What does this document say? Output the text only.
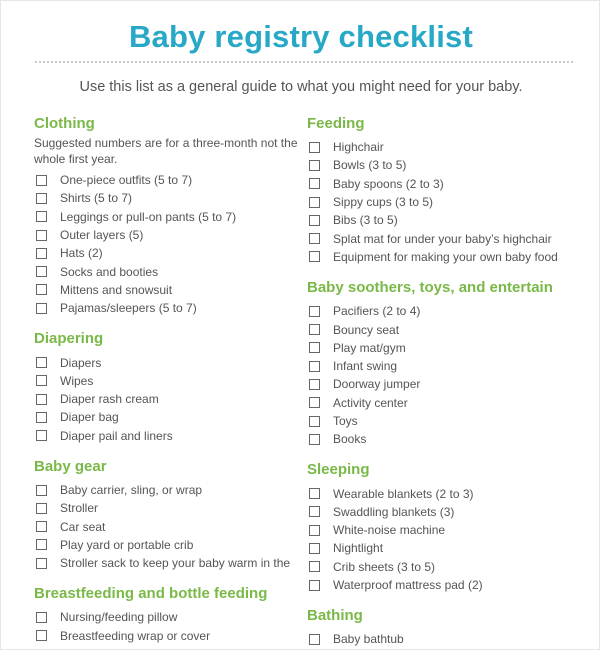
Baby registry checklist
Use this list as a general guide to what you might need for your baby.
Clothing
Suggested numbers are for a three-month not the whole first year.
One-piece outfits (5 to 7)
Shirts (5 to 7)
Leggings or pull-on pants (5 to 7)
Outer layers (5)
Hats (2)
Socks and booties
Mittens and snowsuit
Pajamas/sleepers (5 to 7)
Diapering
Diapers
Wipes
Diaper rash cream
Diaper bag
Diaper pail and liners
Baby gear
Baby carrier, sling, or wrap
Stroller
Car seat
Play yard or portable crib
Stroller sack to keep your baby warm in the
Breastfeeding and bottle feeding
Nursing/feeding pillow
Breastfeeding wrap or cover
Feeding
Highchair
Bowls (3 to 5)
Baby spoons (2 to 3)
Sippy cups (3 to 5)
Bibs (3 to 5)
Splat mat for under your baby’s highchair
Equipment for making your own baby food
Baby soothers, toys, and entertain
Pacifiers (2 to 4)
Bouncy seat
Play mat/gym
Infant swing
Doorway jumper
Activity center
Toys
Books
Sleeping
Wearable blankets (2 to 3)
Swaddling blankets (3)
White-noise machine
Nightlight
Crib sheets (3 to 5)
Waterproof mattress pad (2)
Bathing
Baby bathtub
